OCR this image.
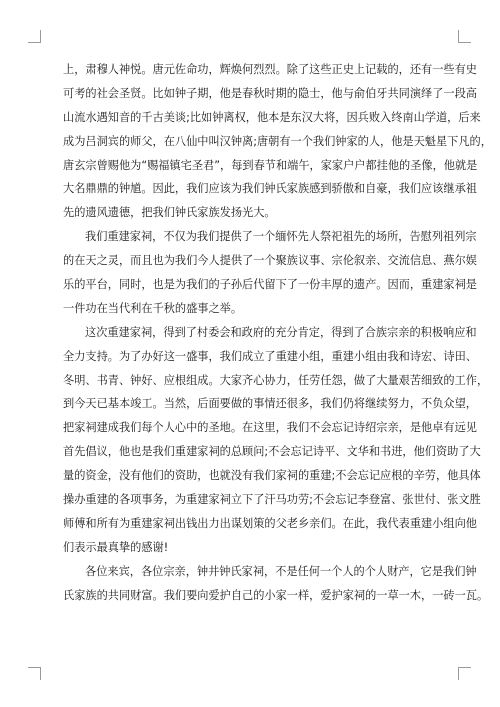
上，肃穆人神悦。唐元佐命功，辉焕何烈烈。除了这些正史上记载的，还有一些有史
可考的社会圣贤。比如钟子期，他是春秋时期的隐士，他与俞伯牙共同演绎了一段高
山流水遇知音的千古美谈;比如钟离权，他本是东汉大将，因兵败入终南山学道，后来
成为吕洞宾的师父，在八仙中叫汉钟离;唐朝有一个我们钟家的人，他是天魁星下凡的，
唐玄宗曾赐他为“赐福镇宅圣君”，每到春节和端午，家家户户都挂他的圣像，他就是
大名鼎鼎的钟馗。因此，我们应该为我们钟氏家族感到骄傲和自豪，我们应该继承祖
先的遗风遗德，把我们钟氏家族发扬光大。
我们重建家祠，不仅为我们提供了一个缅怀先人祭祀祖先的场所，告慰列祖列宗
的在天之灵，而且也为我们今人提供了一个聚族议事、宗伦叙亲、交流信息、燕尔娱
乐的平台，同时，也是为我们的子孙后代留下了一份丰厚的遗产。因而，重建家祠是
一件功在当代利在千秋的盛事之举。
这次重建家祠，得到了村委会和政府的充分肯定，得到了合族宗亲的积极响应和
全力支持。为了办好这一盛事，我们成立了重建小组，重建小组由我和诗宏、诗田、
冬明、书青、钟好、应根组成。大家齐心协力，任劳任怨，做了大量艰苦细致的工作，
到今天已基本竣工。当然，后面要做的事情还很多，我们仍将继续努力，不负众望，
把家祠建成我们每个人心中的圣地。在这里，我们不会忘记诗绍宗亲，是他卓有远见
首先倡议，他也是我们重建家祠的总顾问;不会忘记诗平、文华和书进，他们资助了大
量的资金，没有他们的资助，也就没有我们家祠的重建;不会忘记应根的辛劳，他具体
操办重建的各项事务，为重建家祠立下了汗马功劳;不会忘记李登富、张世付、张文胜
师傅和所有为重建家祠出钱出力出谋划策的父老乡亲们。在此，我代表重建小组向他
们表示最真挚的感谢!
各位来宾，各位宗亲，钟井钟氏家祠，不是任何一个人的个人财产，它是我们钟
氏家族的共同财富。我们要向爱护自己的小家一样，爱护家祠的一草一木，一砖一瓦。
